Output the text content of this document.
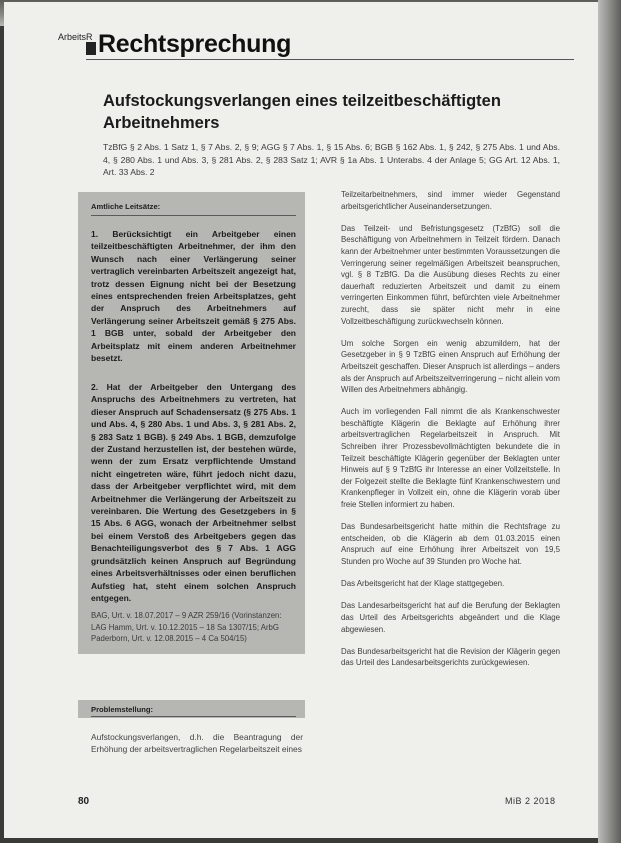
ArbeitsR Rechtsprechung
Aufstockungsverlangen eines teilzeitbeschäftigten Arbeitnehmers
TzBfG § 2 Abs. 1 Satz 1, § 7 Abs. 2, § 9; AGG § 7 Abs. 1, § 15 Abs. 6; BGB § 162 Abs. 1, § 242, § 275 Abs. 1 und Abs. 4, § 280 Abs. 1 und Abs. 3, § 281 Abs. 2, § 283 Satz 1; AVR § 1a Abs. 1 Unterabs. 4 der Anlage 5; GG Art. 12 Abs. 1, Art. 33 Abs. 2
Amtliche Leitsätze:
1. Berücksichtigt ein Arbeitgeber einen teilzeitbeschäftigten Arbeitnehmer, der ihm den Wunsch nach einer Verlängerung seiner vertraglich vereinbarten Arbeitszeit angezeigt hat, trotz dessen Eignung nicht bei der Besetzung eines entsprechenden freien Arbeitsplatzes, geht der Anspruch des Arbeitnehmers auf Verlängerung seiner Arbeitszeit gemäß § 275 Abs. 1 BGB unter, sobald der Arbeitgeber den Arbeitsplatz mit einem anderen Arbeitnehmer besetzt.
2. Hat der Arbeitgeber den Untergang des Anspruchs des Arbeitnehmers zu vertreten, hat dieser Anspruch auf Schadensersatz (§ 275 Abs. 1 und Abs. 4, § 280 Abs. 1 und Abs. 3, § 281 Abs. 2, § 283 Satz 1 BGB). § 249 Abs. 1 BGB, demzufolge der Zustand herzustellen ist, der bestehen würde, wenn der zum Ersatz verpflichtende Umstand nicht eingetreten wäre, führt jedoch nicht dazu, dass der Arbeitgeber verpflichtet wird, mit dem Arbeitnehmer die Verlängerung der Arbeitszeit zu vereinbaren. Die Wertung des Gesetzgebers in § 15 Abs. 6 AGG, wonach der Arbeitnehmer selbst bei einem Verstoß des Arbeitgebers gegen das Benachteiligungsverbot des § 7 Abs. 1 AGG grundsätzlich keinen Anspruch auf Begründung eines Arbeitsverhältnisses oder einen beruflichen Aufstieg hat, steht einem solchen Anspruch entgegen.
BAG, Urt. v. 18.07.2017 – 9 AZR 259/16 (Vorinstanzen: LAG Hamm, Urt. v. 10.12.2015 – 18 Sa 1307/15; ArbG Paderborn, Urt. v. 12.08.2015 – 4 Ca 504/15)
Problemstellung:
Aufstockungsverlangen, d.h. die Beantragung der Erhöhung der arbeitsvertraglichen Regelarbeitszeit eines

Teilzeitarbeitnehmers, sind immer wieder Gegenstand arbeitsgerichtlicher Auseinandersetzungen.

Das Teilzeit- und Befristungsgesetz (TzBfG) soll die Beschäftigung von Arbeitnehmern in Teilzeit fördern. Danach kann der Arbeitnehmer unter bestimmten Voraussetzungen die Verringerung seiner regelmäßigen Arbeitszeit beanspruchen, vgl. § 8 TzBfG. Da die Ausübung dieses Rechts zu einer dauerhaft reduzierten Arbeitszeit und damit zu einem verringerten Einkommen führt, befürchten viele Arbeitnehmer zurecht, dass sie später nicht mehr in eine Vollzeitbeschäftigung zurückwechseln können.

Um solche Sorgen ein wenig abzumildern, hat der Gesetzgeber in § 9 TzBfG einen Anspruch auf Erhöhung der Arbeitszeit geschaffen. Dieser Anspruch ist allerdings – anders als der Anspruch auf Arbeitszeitverringerung – nicht allein vom Willen des Arbeitnehmers abhängig.

Auch im vorliegenden Fall nimmt die als Krankenschwester beschäftigte Klägerin die Beklagte auf Erhöhung ihrer arbeitsvertraglichen Regelarbeitszeit in Anspruch. Mit Schreiben ihrer Prozessbevollmächtigten bekundete die in Teilzeit beschäftigte Klägerin gegenüber der Beklagten unter Hinweis auf § 9 TzBfG ihr Interesse an einer Vollzeitstelle. In der Folgezeit stellte die Beklagte fünf Krankenschwestern und Krankenpfleger in Vollzeit ein, ohne die Klägerin vorab über freie Stellen informiert zu haben.

Das Bundesarbeitsgericht hatte mithin die Rechtsfrage zu entscheiden, ob die Klägerin ab dem 01.03.2015 einen Anspruch auf eine Erhöhung ihrer Arbeitszeit von 19,5 Stunden pro Woche auf 39 Stunden pro Woche hat.

Das Arbeitsgericht hat der Klage stattgegeben.

Das Landesarbeitsgericht hat auf die Berufung der Beklagten das Urteil des Arbeitsgerichts abgeändert und die Klage abgewiesen.

Das Bundesarbeitsgericht hat die Revision der Klägerin gegen das Urteil des Landesarbeitsgerichts zurückgewiesen.

80	MiB 2 2018
